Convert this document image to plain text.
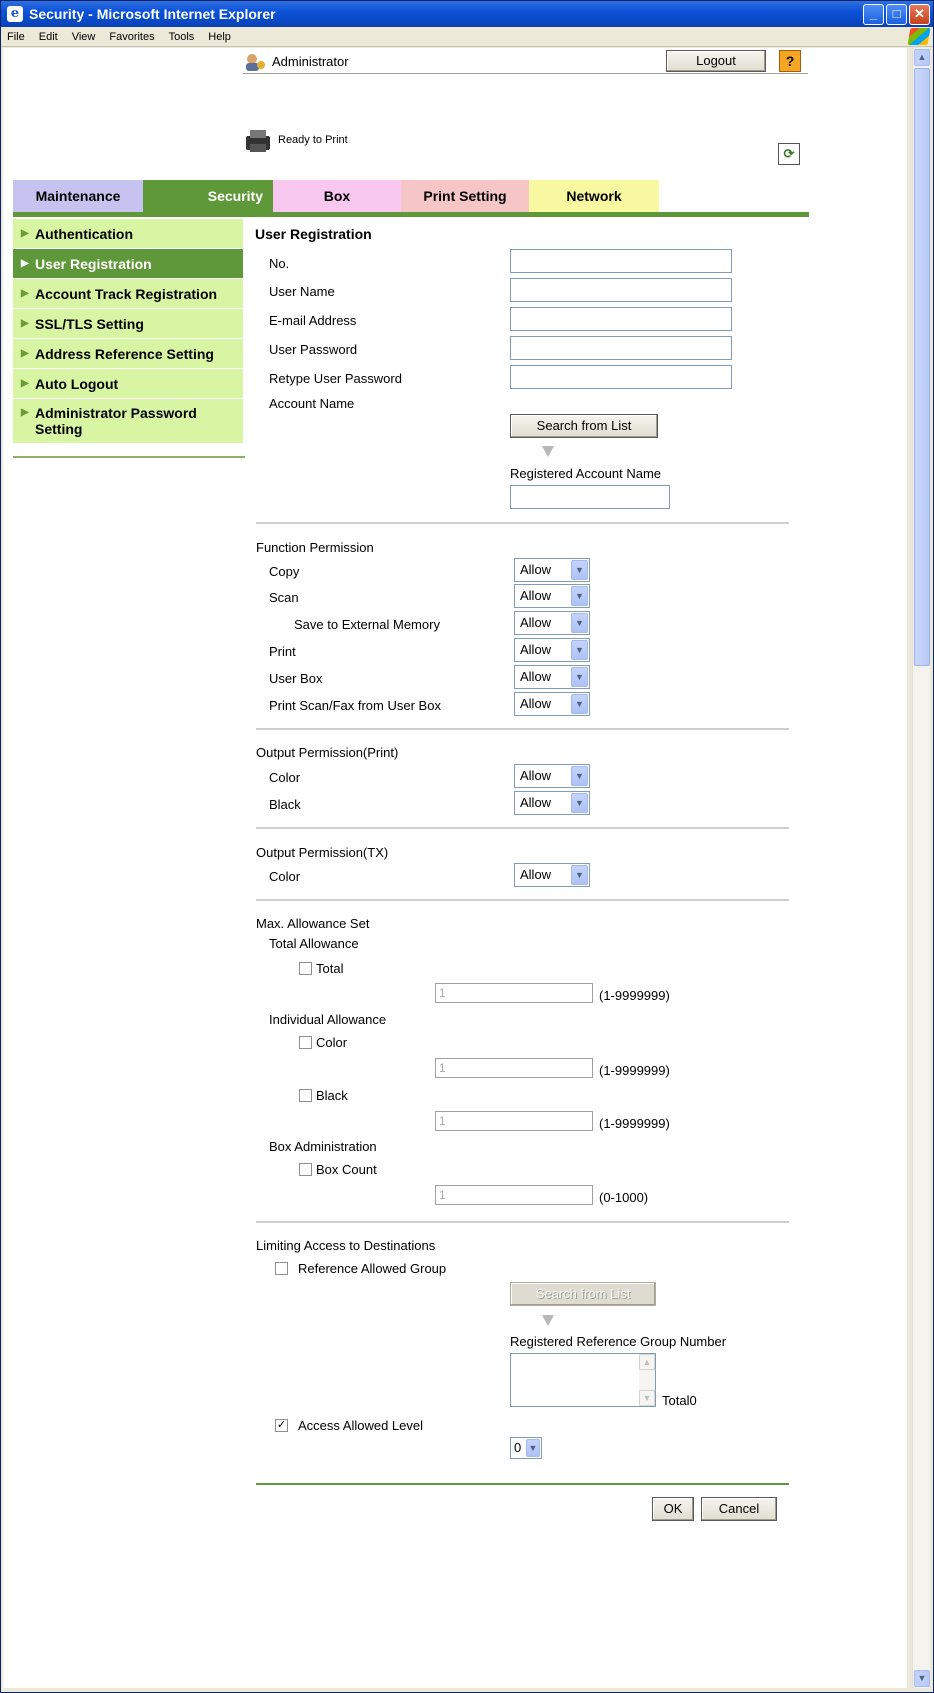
e Security - Microsoft Internet Explorer	_	□	✕
File Edit View Favorites Tools Help
Administrator	Logout	?
Ready to Print
⟳
Maintenance	Security	Box	Print Setting	Network
▶ Authentication
▶ User Registration
▶ Account Track Registration
▶ SSL/TLS Setting
▶ Address Reference Setting
▶ Auto Logout
▶ Administrator Password Setting
User Registration
No.
User Name
E-mail Address
User Password
Retype User Password
Account Name
Search from List
Registered Account Name
Function Permission
Copy	Allow	▼
Scan	Allow	▼
Save to External Memory	Allow	▼
Print	Allow	▼
User Box	Allow	▼
Print Scan/Fax from User Box	Allow	▼
Output Permission(Print)
Color	Allow	▼
Black	Allow	▼
Output Permission(TX)
Color	Allow	▼
Max. Allowance Set
Total Allowance
Total
1	(1-9999999)
Individual Allowance
Color
1	(1-9999999)
Black
1	(1-9999999)
Box Administration
Box Count
1	(0-1000)
Limiting Access to Destinations
Reference Allowed Group
Search from List
Registered Reference Group Number
▲
▼ Total0
✓ Access Allowed Level
0 ▼
OK	Cancel
▲
▼
